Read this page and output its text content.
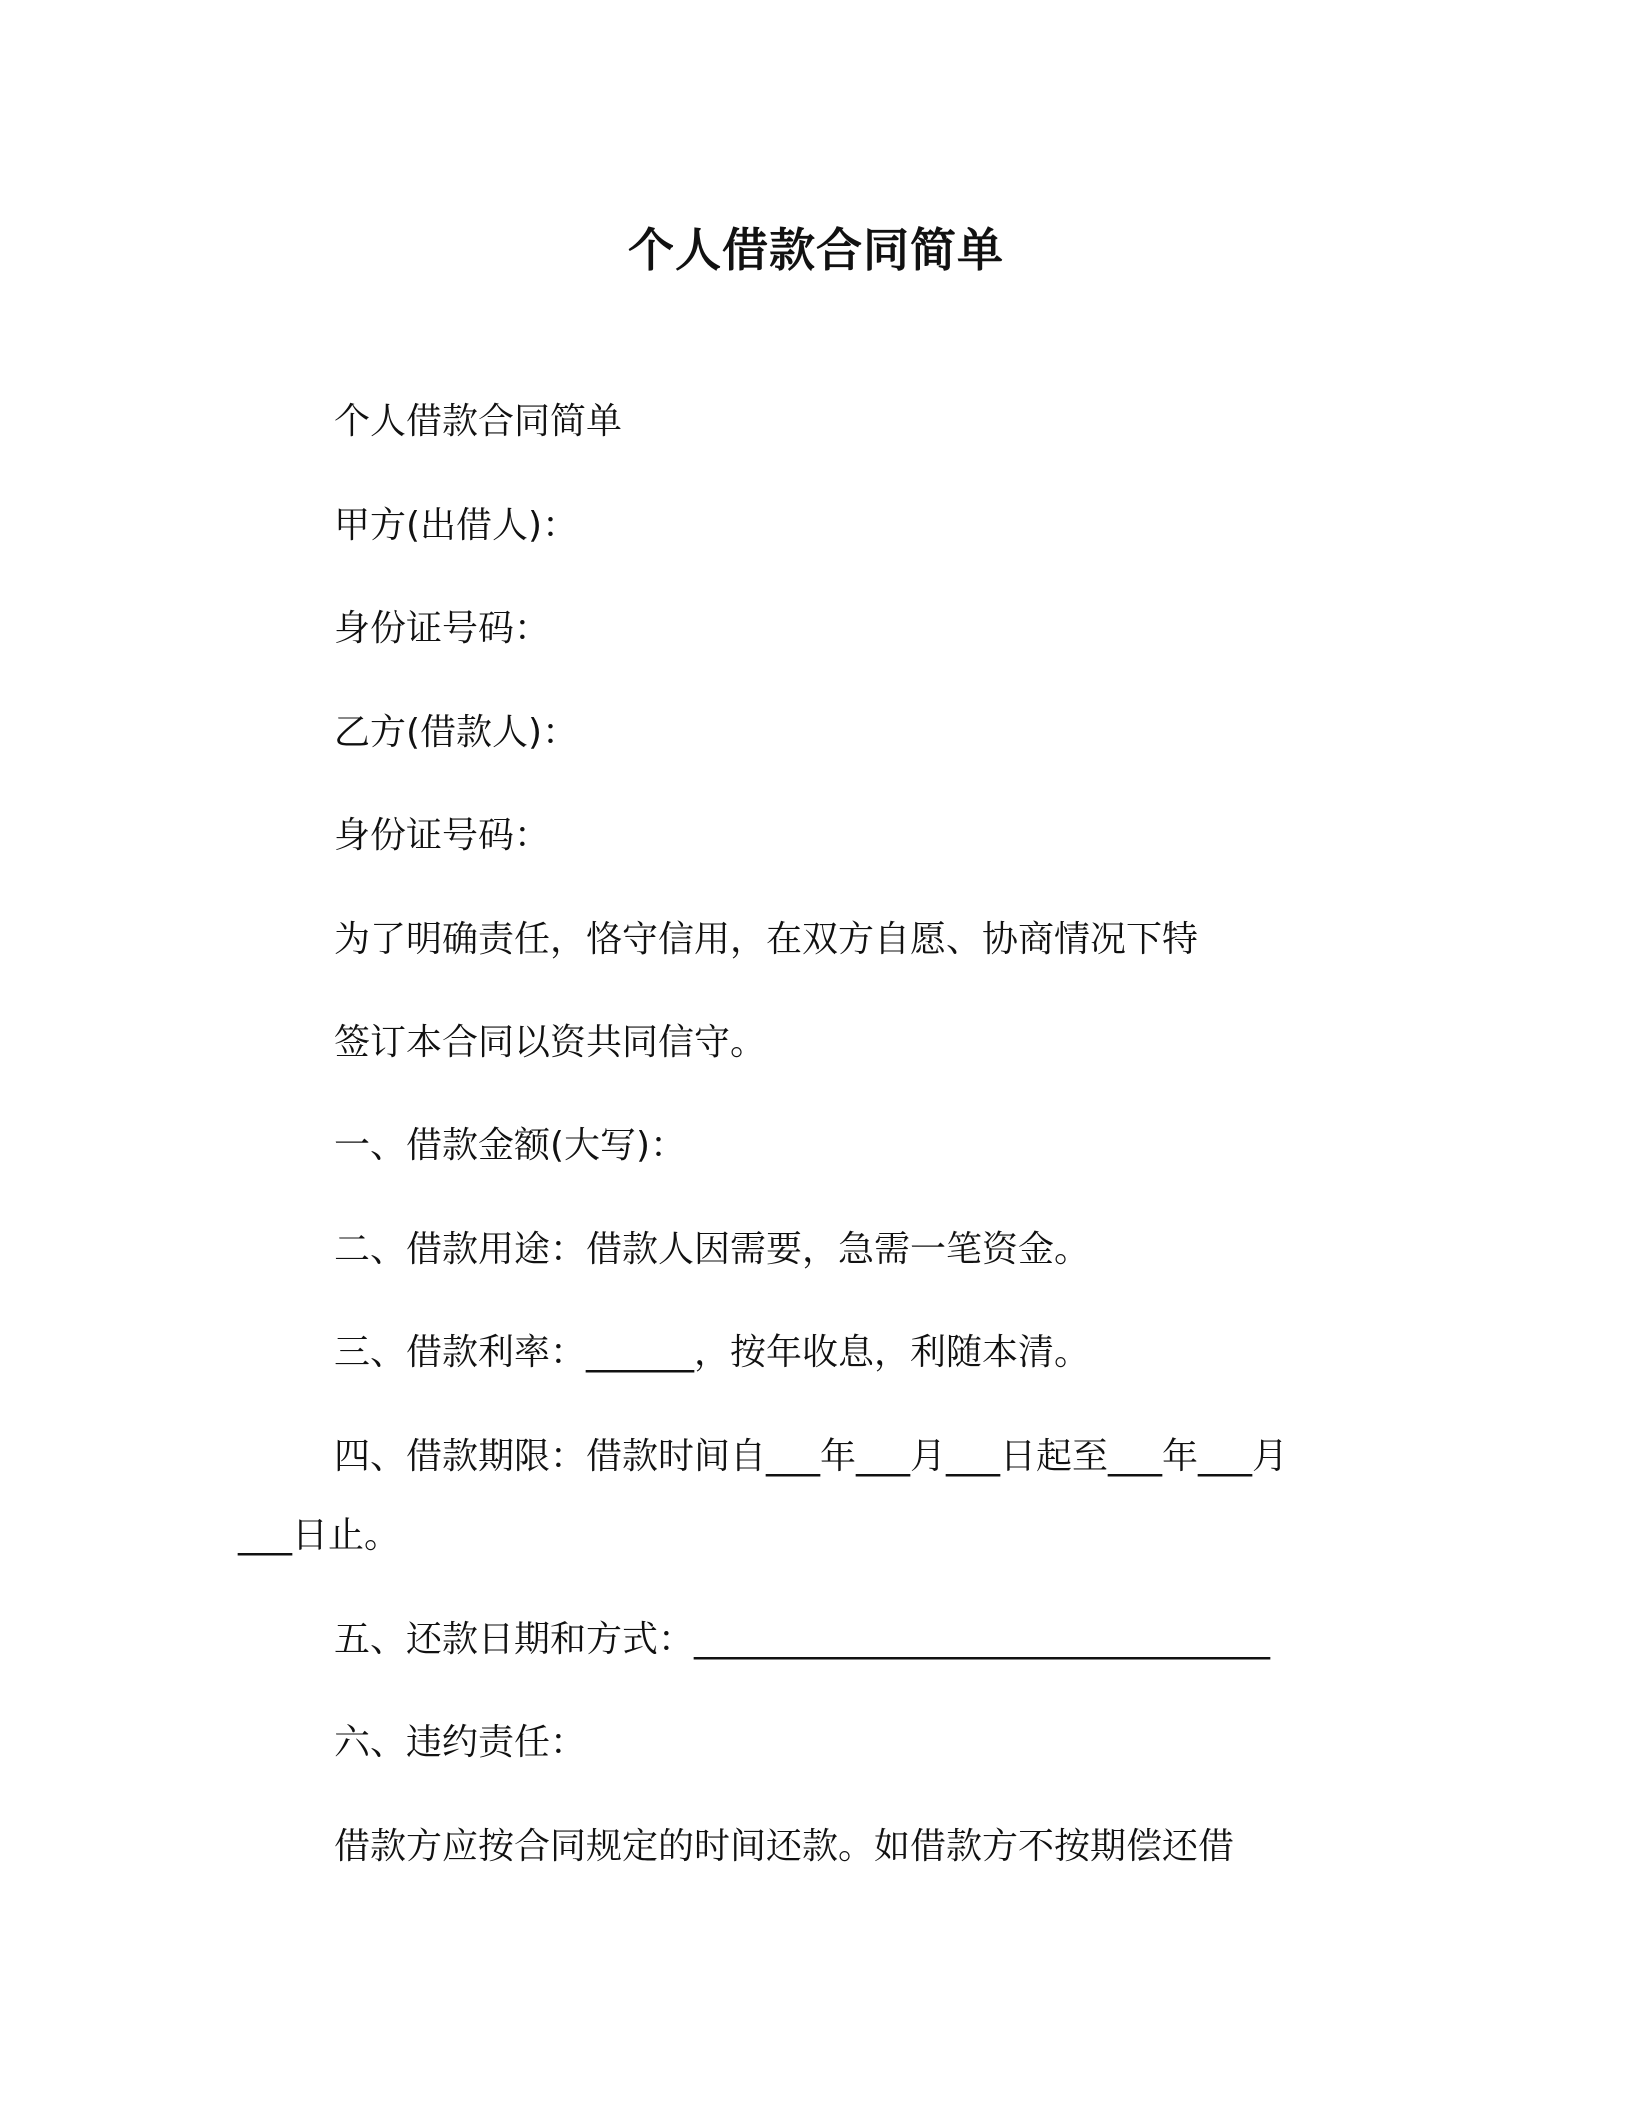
个人借款合同简单
个人借款合同简单
甲方(出借人)：
身份证号码：
乙方(借款人)：
身份证号码：
为了明确责任，恪守信用，在双方自愿、协商情况下特
签订本合同以资共同信守。
一、借款金额(大写)：
二、借款用途：借款人因需要，急需一笔资金。
三、借款利率：______，按年收息，利随本清。
四、借款期限：借款时间自___年___月___日起至___年___月
___日止。
五、还款日期和方式：________________________________
六、违约责任：
借款方应按合同规定的时间还款。如借款方不按期偿还借
